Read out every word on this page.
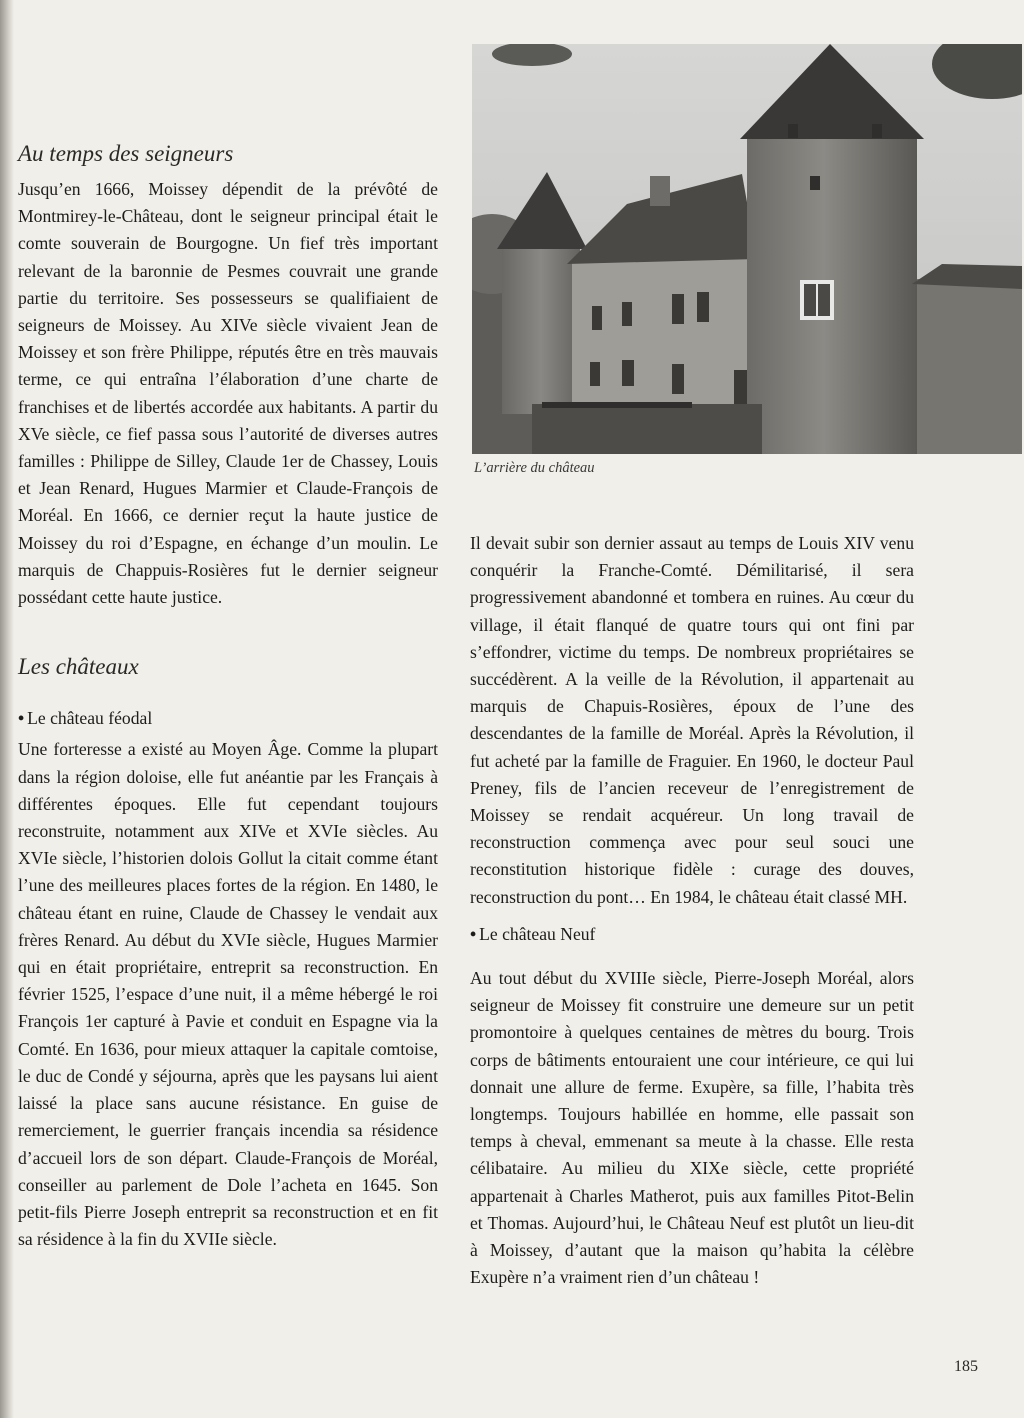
Au temps des seigneurs

Jusqu’en 1666, Moissey dépendit de la prévôté de Montmirey-le-Château, dont le seigneur principal était le comte souverain de Bourgogne. Un fief très important relevant de la baronnie de Pesmes couvrait une grande partie du territoire. Ses possesseurs se qualifiaient de seigneurs de Moissey. Au XIVe siècle vivaient Jean de Moissey et son frère Philippe, réputés être en très mauvais terme, ce qui entraîna l’élaboration d’une charte de franchises et de libertés accordée aux habitants. A partir du XVe siècle, ce fief passa sous l’autorité de diverses autres familles : Philippe de Silley, Claude 1er de Chassey, Louis et Jean Renard, Hugues Marmier et Claude-François de Moréal. En 1666, ce dernier reçut la haute justice de Moissey du roi d’Espagne, en échange d’un moulin. Le marquis de Chappuis-Rosières fut le dernier seigneur possédant cette haute justice.

Les châteaux
• Le château féodal

Une forteresse a existé au Moyen Âge. Comme la plupart dans la région doloise, elle fut anéantie par les Français à différentes époques. Elle fut cependant toujours reconstruite, notamment aux XIVe et XVIe siècles. Au XVIe siècle, l’historien dolois Gollut la citait comme étant l’une des meilleures places fortes de la région. En 1480, le château étant en ruine, Claude de Chassey le vendait aux frères Renard. Au début du XVIe siècle, Hugues Marmier qui en était propriétaire, entreprit sa reconstruction. En février 1525, l’espace d’une nuit, il a même hébergé le roi François 1er capturé à Pavie et conduit en Espagne via la Comté. En 1636, pour mieux attaquer la capitale comtoise, le duc de Condé y séjourna, après que les paysans lui aient laissé la place sans aucune résistance. En guise de remerciement, le guerrier français incendia sa résidence d’accueil lors de son départ. Claude-François de Moréal, conseiller au parlement de Dole l’acheta en 1645. Son petit-fils Pierre Joseph entreprit sa reconstruction et en fit sa résidence à la fin du XVIIe siècle.

L’arrière du château

Il devait subir son dernier assaut au temps de Louis XIV venu conquérir la Franche-Comté. Démilitarisé, il sera progressivement abandonné et tombera en ruines. Au cœur du village, il était flanqué de quatre tours qui ont fini par s’effondrer, victime du temps. De nombreux propriétaires se succédèrent. A la veille de la Révolution, il appartenait au marquis de Chapuis-Rosières, époux de l’une des descendantes de la famille de Moréal. Après la Révolution, il fut acheté par la famille de Fraguier. En 1960, le docteur Paul Preney, fils de l’ancien receveur de l’enregistrement de Moissey se rendait acquéreur. Un long travail de reconstruction commença avec pour seul souci une reconstitution historique fidèle : curage des douves, reconstruction du pont… En 1984, le château était classé MH.

• Le château Neuf

Au tout début du XVIIIe siècle, Pierre-Joseph Moréal, alors seigneur de Moissey fit construire une demeure sur un petit promontoire à quelques centaines de mètres du bourg. Trois corps de bâtiments entouraient une cour intérieure, ce qui lui donnait une allure de ferme. Exupère, sa fille, l’habita très longtemps. Toujours habillée en homme, elle passait son temps à cheval, emmenant sa meute à la chasse. Elle resta célibataire. Au milieu du XIXe siècle, cette propriété appartenait à Charles Matherot, puis aux familles Pitot-Belin et Thomas. Aujourd’hui, le Château Neuf est plutôt un lieu-dit à Moissey, d’autant que la maison qu’habita la célèbre Exupère n’a vraiment rien d’un château !

185
